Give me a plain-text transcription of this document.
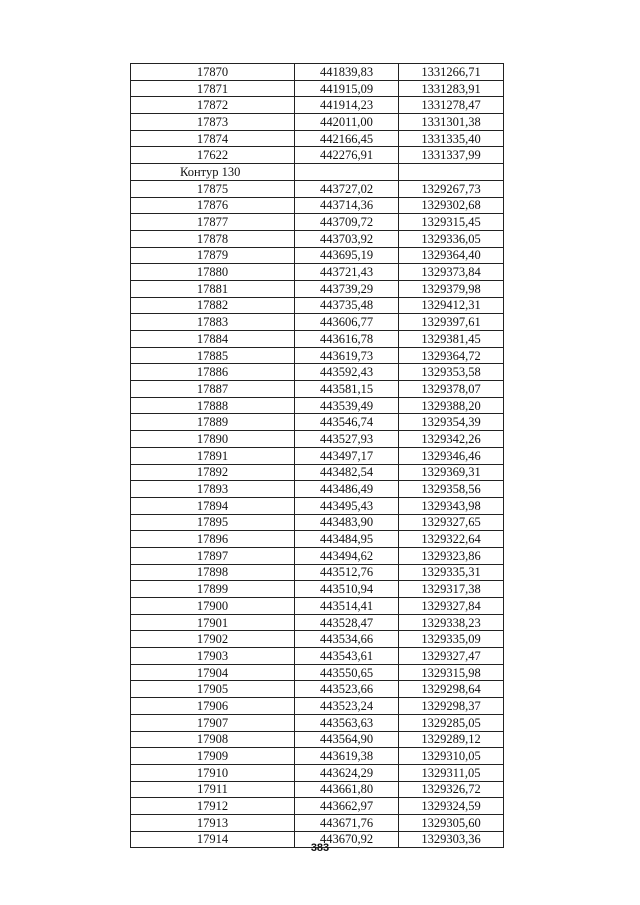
17870	441839,83	1331266,71
17871	441915,09	1331283,91
17872	441914,23	1331278,47
17873	442011,00	1331301,38
17874	442166,45	1331335,40
17622	442276,91	1331337,99
Контур 130		
17875	443727,02	1329267,73
17876	443714,36	1329302,68
17877	443709,72	1329315,45
17878	443703,92	1329336,05
17879	443695,19	1329364,40
17880	443721,43	1329373,84
17881	443739,29	1329379,98
17882	443735,48	1329412,31
17883	443606,77	1329397,61
17884	443616,78	1329381,45
17885	443619,73	1329364,72
17886	443592,43	1329353,58
17887	443581,15	1329378,07
17888	443539,49	1329388,20
17889	443546,74	1329354,39
17890	443527,93	1329342,26
17891	443497,17	1329346,46
17892	443482,54	1329369,31
17893	443486,49	1329358,56
17894	443495,43	1329343,98
17895	443483,90	1329327,65
17896	443484,95	1329322,64
17897	443494,62	1329323,86
17898	443512,76	1329335,31
17899	443510,94	1329317,38
17900	443514,41	1329327,84
17901	443528,47	1329338,23
17902	443534,66	1329335,09
17903	443543,61	1329327,47
17904	443550,65	1329315,98
17905	443523,66	1329298,64
17906	443523,24	1329298,37
17907	443563,63	1329285,05
17908	443564,90	1329289,12
17909	443619,38	1329310,05
17910	443624,29	1329311,05
17911	443661,80	1329326,72
17912	443662,97	1329324,59
17913	443671,76	1329305,60
17914	443670,92	1329303,36
383
